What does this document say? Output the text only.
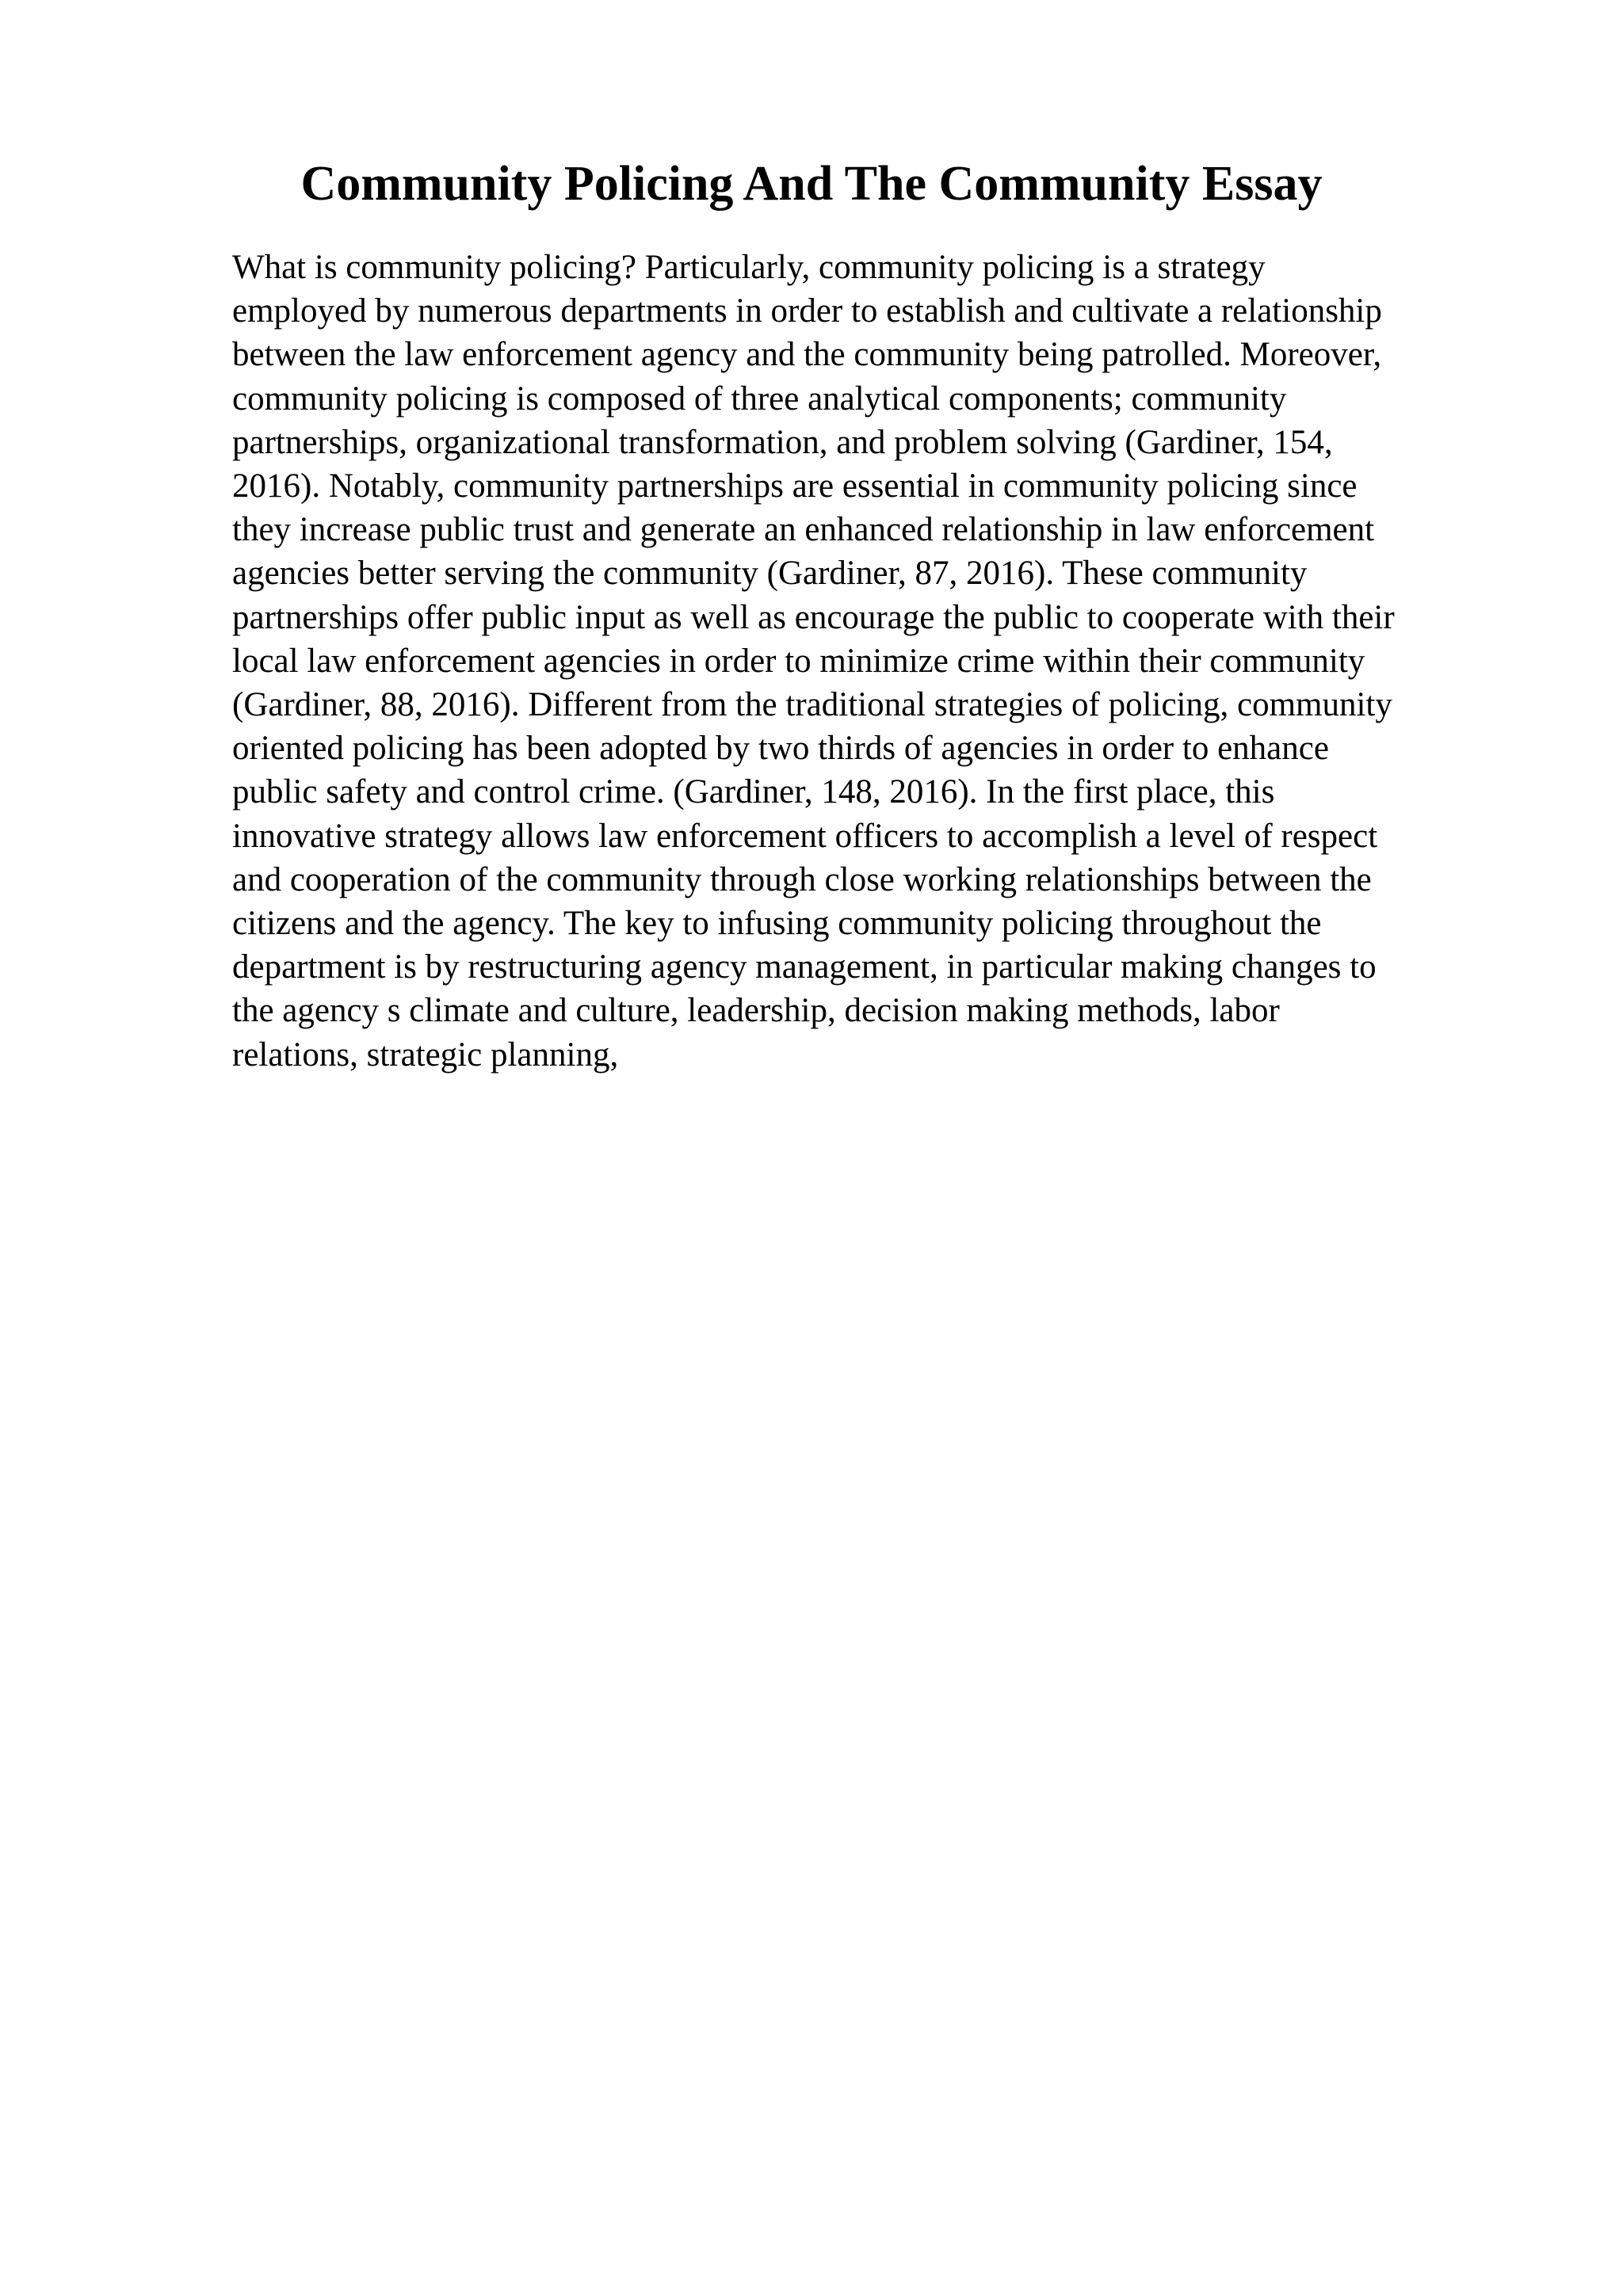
Community Policing And The Community Essay
What is community policing? Particularly, community policing is a strategy
employed by numerous departments in order to establish and cultivate a relationship
between the law enforcement agency and the community being patrolled. Moreover,
community policing is composed of three analytical components; community
partnerships, organizational transformation, and problem solving (Gardiner, 154,
2016). Notably, community partnerships are essential in community policing since
they increase public trust and generate an enhanced relationship in law enforcement
agencies better serving the community (Gardiner, 87, 2016). These community
partnerships offer public input as well as encourage the public to cooperate with their
local law enforcement agencies in order to minimize crime within their community
(Gardiner, 88, 2016). Different from the traditional strategies of policing, community
oriented policing has been adopted by two thirds of agencies in order to enhance
public safety and control crime. (Gardiner, 148, 2016). In the first place, this
innovative strategy allows law enforcement officers to accomplish a level of respect
and cooperation of the community through close working relationships between the
citizens and the agency. The key to infusing community policing throughout the
department is by restructuring agency management, in particular making changes to
the agency s climate and culture, leadership, decision making methods, labor
relations, strategic planning,
